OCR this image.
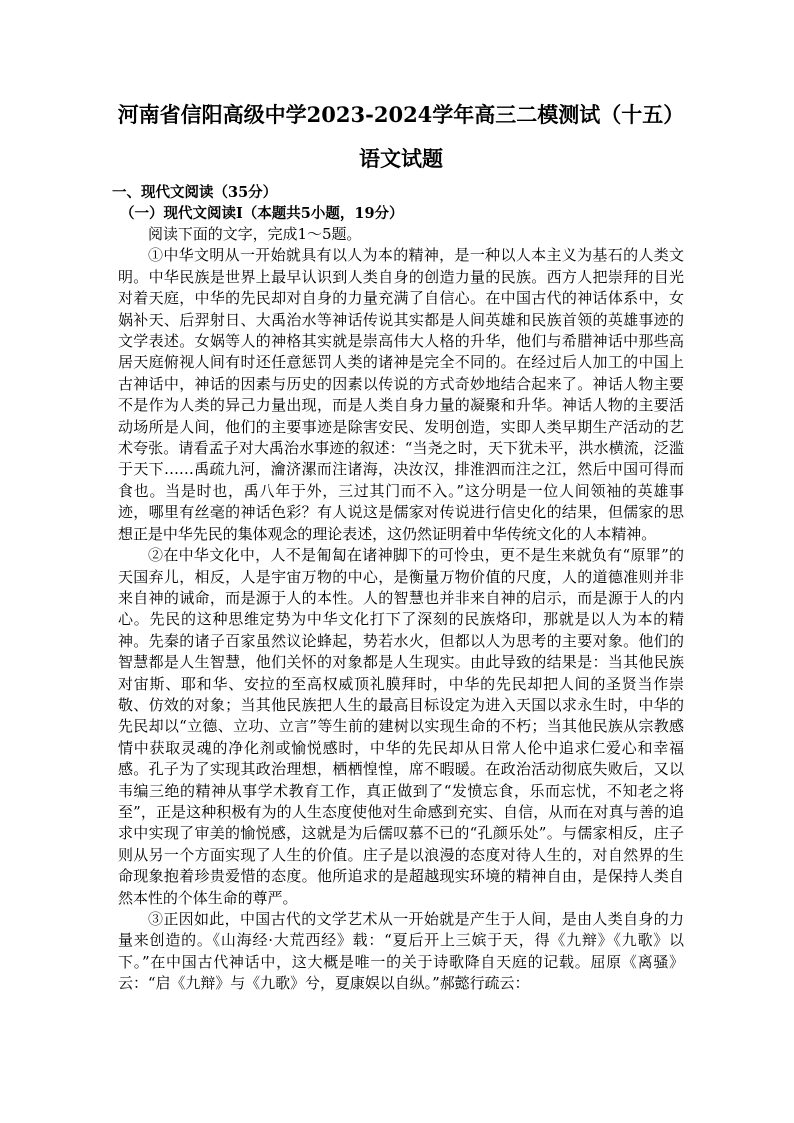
河南省信阳高级中学2023-2024学年高三二模测试（十五）
语文试题
一、现代文阅读（35分）
（一）现代文阅读I（本题共5小题，19分）

阅读下面的文字，完成1～5题。

①中华文明从一开始就具有以人为本的精神，是一种以人本主义为基石的人类文明。中华民族是世界上最早认识到人类自身的创造力量的民族。西方人把崇拜的目光对着天庭，中华的先民却对自身的力量充满了自信心。在中国古代的神话体系中，女娲补天、后羿射日、大禹治水等神话传说其实都是人间英雄和民族首领的英雄事迹的文学表述。女娲等人的神格其实就是崇高伟大人格的升华，他们与希腊神话中那些高居天庭俯视人间有时还任意惩罚人类的诸神是完全不同的。在经过后人加工的中国上古神话中，神话的因素与历史的因素以传说的方式奇妙地结合起来了。神话人物主要不是作为人类的异己力量出现，而是人类自身力量的凝聚和升华。神话人物的主要活动场所是人间，他们的主要事迹是除害安民、发明创造，实即人类早期生产活动的艺术夸张。请看孟子对大禹治水事迹的叙述：“当尧之时，天下犹未平，洪水横流，泛滥于天下……禹疏九河，瀹济漯而注诸海，决汝汉，排淮泗而注之江，然后中国可得而食也。当是时也，禹八年于外，三过其门而不入。”这分明是一位人间领袖的英雄事迹，哪里有丝毫的神话色彩？有人说这是儒家对传说进行信史化的结果，但儒家的思想正是中华先民的集体观念的理论表述，这仍然证明着中华传统文化的人本精神。

②在中华文化中，人不是匍匐在诸神脚下的可怜虫，更不是生来就负有“原罪”的天国弃儿，相反，人是宇宙万物的中心，是衡量万物价值的尺度，人的道德准则并非来自神的诫命，而是源于人的本性。人的智慧也并非来自神的启示，而是源于人的内心。先民的这种思维定势为中华文化打下了深刻的民族烙印，那就是以人为本的精神。先秦的诸子百家虽然议论蜂起，势若水火，但都以人为思考的主要对象。他们的智慧都是人生智慧，他们关怀的对象都是人生现实。由此导致的结果是：当其他民族对宙斯、耶和华、安拉的至高权威顶礼膜拜时，中华的先民却把人间的圣贤当作崇敬、仿效的对象；当其他民族把人生的最高目标设定为进入天国以求永生时，中华的先民却以“立德、立功、立言”等生前的建树以实现生命的不朽；当其他民族从宗教感情中获取灵魂的净化剂或愉悦感时，中华的先民却从日常人伦中追求仁爱心和幸福感。孔子为了实现其政治理想，栖栖惶惶，席不暇暖。在政治活动彻底失败后，又以韦编三绝的精神从事学术教育工作，真正做到了“发愤忘食，乐而忘忧，不知老之将至”，正是这种积极有为的人生态度使他对生命感到充实、自信，从而在对真与善的追求中实现了审美的愉悦感，这就是为后儒叹慕不已的“孔颜乐处”。与儒家相反，庄子则从另一个方面实现了人生的价值。庄子是以浪漫的态度对待人生的，对自然界的生命现象抱着珍贵爱惜的态度。他所追求的是超越现实环境的精神自由，是保持人类自然本性的个体生命的尊严。

③正因如此，中国古代的文学艺术从一开始就是产生于人间，是由人类自身的力量来创造的。《山海经·大荒西经》载：“夏后开上三嫔于天，得《九辩》《九歌》以下。”在中国古代神话中，这大概是唯一的关于诗歌降自天庭的记载。屈原《离骚》云：“启《九辩》与《九歌》兮，夏康娱以自纵。”郝懿行疏云：
